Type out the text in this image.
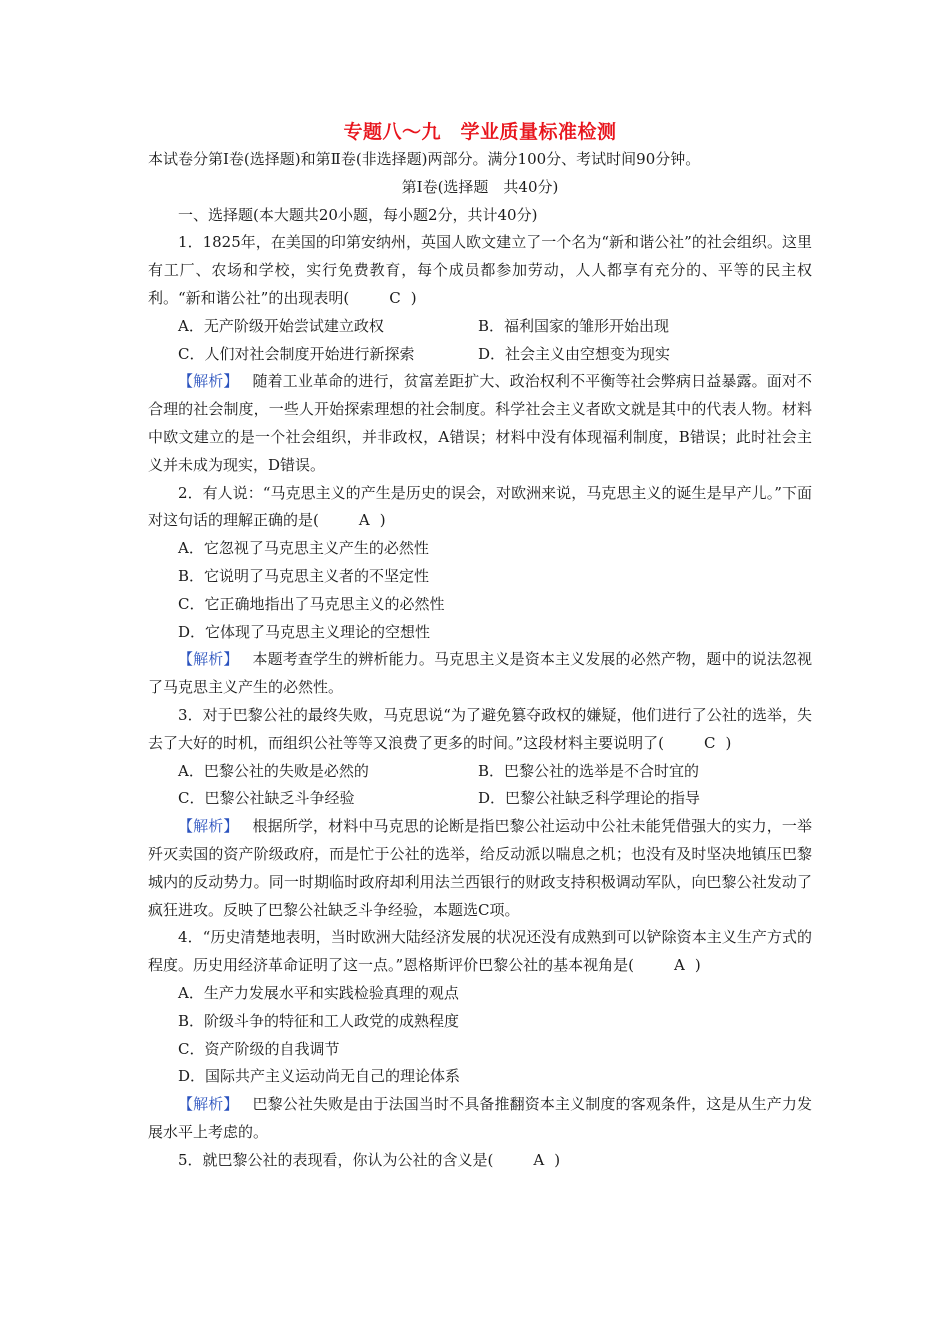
专题八～九　学业质量标准检测

本试卷分第Ⅰ卷(选择题)和第Ⅱ卷(非选择题)两部分。满分100分、考试时间90分钟。

第Ⅰ卷(选择题　共40分)

一、选择题(本大题共20小题，每小题2分，共计40分)

1．1825年，在美国的印第安纳州，英国人欧文建立了一个名为“新和谐公社”的社会组织。这里有工厂、农场和学校，实行免费教育，每个成员都参加劳动，人人都享有充分的、平等的民主权利。“新和谐公社”的出现表明(	C )

A．无产阶级开始尝试建立政权	B．福利国家的雏形开始出现
C．人们对社会制度开始进行新探索	D．社会主义由空想变为现实

【解析】 随着工业革命的进行，贫富差距扩大、政治权利不平衡等社会弊病日益暴露。面对不合理的社会制度，一些人开始探索理想的社会制度。科学社会主义者欧文就是其中的代表人物。材料中欧文建立的是一个社会组织，并非政权，A错误；材料中没有体现福利制度，B错误；此时社会主义并未成为现实，D错误。

2．有人说：“马克思主义的产生是历史的误会，对欧洲来说，马克思主义的诞生是早产儿。”下面对这句话的理解正确的是(	A )

A．它忽视了马克思主义产生的必然性

B．它说明了马克思主义者的不坚定性

C．它正确地指出了马克思主义的必然性

D．它体现了马克思主义理论的空想性

【解析】 本题考查学生的辨析能力。马克思主义是资本主义发展的必然产物，题中的说法忽视了马克思主义产生的必然性。

3．对于巴黎公社的最终失败，马克思说“为了避免篡夺政权的嫌疑，他们进行了公社的选举，失去了大好的时机，而组织公社等等又浪费了更多的时间。”这段材料主要说明了(	C )

A．巴黎公社的失败是必然的	B．巴黎公社的选举是不合时宜的
C．巴黎公社缺乏斗争经验	D．巴黎公社缺乏科学理论的指导

【解析】 根据所学，材料中马克思的论断是指巴黎公社运动中公社未能凭借强大的实力，一举歼灭卖国的资产阶级政府，而是忙于公社的选举，给反动派以喘息之机；也没有及时坚决地镇压巴黎城内的反动势力。同一时期临时政府却利用法兰西银行的财政支持积极调动军队，向巴黎公社发动了疯狂进攻。反映了巴黎公社缺乏斗争经验，本题选C项。

4．“历史清楚地表明，当时欧洲大陆经济发展的状况还没有成熟到可以铲除资本主义生产方式的程度。历史用经济革命证明了这一点。”恩格斯评价巴黎公社的基本视角是(	A )

A．生产力发展水平和实践检验真理的观点

B．阶级斗争的特征和工人政党的成熟程度

C．资产阶级的自我调节

D．国际共产主义运动尚无自己的理论体系

【解析】 巴黎公社失败是由于法国当时不具备推翻资本主义制度的客观条件，这是从生产力发展水平上考虑的。

5．就巴黎公社的表现看，你认为公社的含义是(	A )
